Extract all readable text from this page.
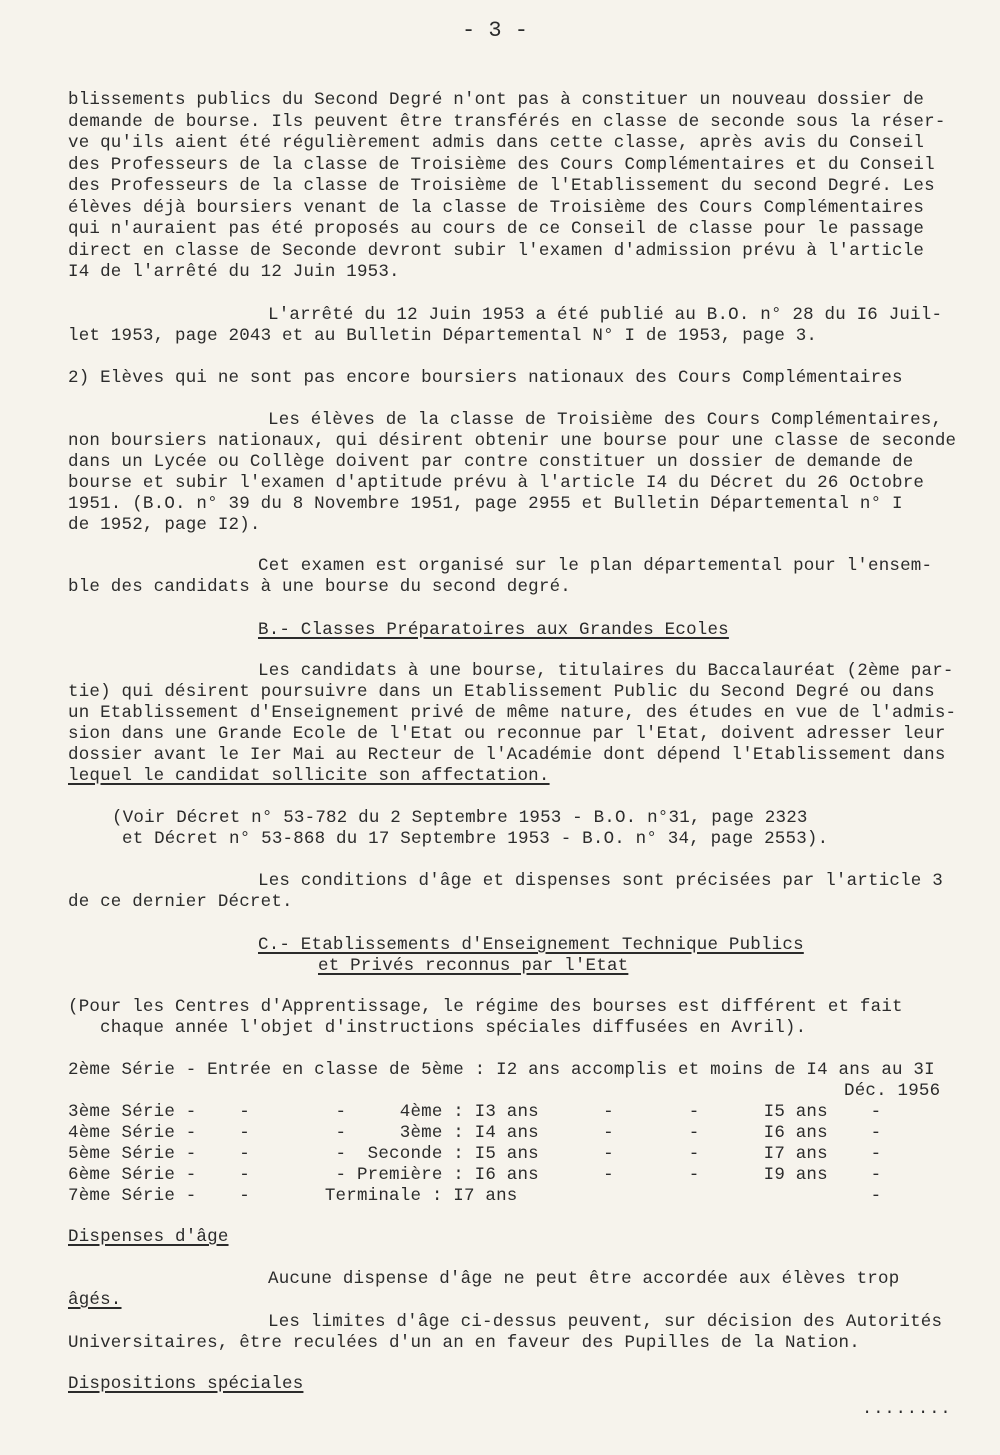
- 3 -
blissements publics du Second Degré n'ont pas à constituer un nouveau dossier de
demande de bourse. Ils peuvent être transférés en classe de seconde sous la réser-
ve qu'ils aient été régulièrement admis dans cette classe, après avis du Conseil
des Professeurs de la classe de Troisième des Cours Complémentaires et du Conseil
des Professeurs de la classe de Troisième de l'Etablissement du second Degré. Les
élèves déjà boursiers venant de la classe de Troisième des Cours Complémentaires
qui n'auraient pas été proposés au cours de ce Conseil de classe pour le passage
direct en classe de Seconde devront subir l'examen d'admission prévu à l'article
I4 de l'arrêté du 12 Juin 1953.
L'arrêté du 12 Juin 1953 a été publié au B.O. n° 28 du I6 Juil-
let 1953, page 2043 et au Bulletin Départemental N° I de 1953, page 3.
2) Elèves qui ne sont pas encore boursiers nationaux des Cours Complémentaires
Les élèves de la classe de Troisième des Cours Complémentaires,
non boursiers nationaux, qui désirent obtenir une bourse pour une classe de seconde
dans un Lycée ou Collège doivent par contre constituer un dossier de demande de
bourse et subir l'examen d'aptitude prévu à l'article I4 du Décret du 26 Octobre
1951. (B.O. n° 39 du 8 Novembre 1951, page 2955 et Bulletin Départemental n° I
de 1952, page I2).
Cet examen est organisé sur le plan départemental pour l'ensem-
ble des candidats à une bourse du second degré.
B.- Classes Préparatoires aux Grandes Ecoles
Les candidats à une bourse, titulaires du Baccalauréat (2ème par-
tie) qui désirent poursuivre dans un Etablissement Public du Second Degré ou dans
un Etablissement d'Enseignement privé de même nature, des études en vue de l'admis-
sion dans une Grande Ecole de l'Etat ou reconnue par l'Etat, doivent adresser leur
dossier avant le Ier Mai au Recteur de l'Académie dont dépend l'Etablissement dans
lequel le candidat sollicite son affectation.
(Voir Décret n° 53-782 du 2 Septembre 1953 - B.O. n°31, page 2323
et Décret n° 53-868 du 17 Septembre 1953 - B.O. n° 34, page 2553).
Les conditions d'âge et dispenses sont précisées par l'article 3
de ce dernier Décret.
C.- Etablissements d'Enseignement Technique Publics
et Privés reconnus par l'Etat
(Pour les Centres d'Apprentissage, le régime des bourses est différent et fait
chaque année l'objet d'instructions spéciales diffusées en Avril).
2ème Série - Entrée en classe de 5ème : I2 ans accomplis et moins de I4 ans au 3I
Déc. 1956
3ème Série -    -        -     4ème : I3 ans      -       -      I5 ans    -
4ème Série -    -        -     3ème : I4 ans      -       -      I6 ans    -
5ème Série -    -        -  Seconde : I5 ans      -       -      I7 ans    -
6ème Série -    -        - Première : I6 ans      -       -      I9 ans    -
7ème Série -    -       Terminale : I7 ans                                 -
Dispenses d'âge
Aucune dispense d'âge ne peut être accordée aux élèves trop
âgés.
Les limites d'âge ci-dessus peuvent, sur décision des Autorités
Universitaires, être reculées d'un an en faveur des Pupilles de la Nation.
Dispositions spéciales
........
